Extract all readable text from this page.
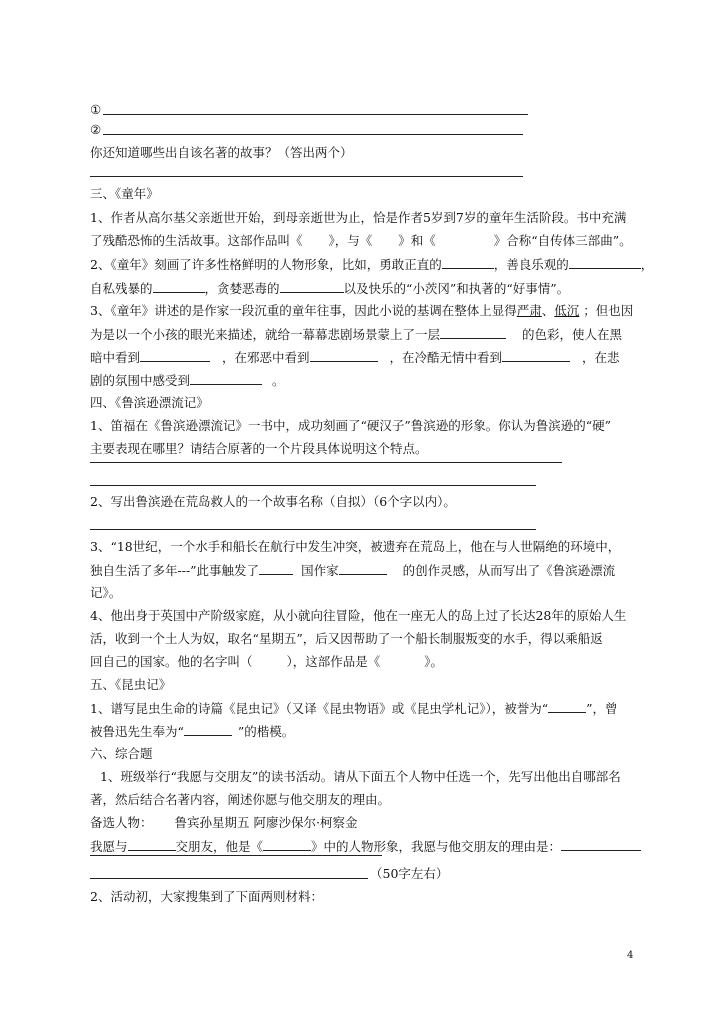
①
②
你还知道哪些出自该名著的故事？（答出两个）
三、《童年》
1、作者从高尔基父亲逝世开始，到母亲逝世为止，恰是作者5岁到7岁的童年生活阶段。书中充满
了残酷恐怖的生活故事。这部作品叫《 》，与《 》和《	》合称“自传体三部曲”。
2、《童年》刻画了许多性格鲜明的人物形象，比如，勇敢正直的	，善良乐观的	，
自私残暴的	，贪婪恶毒的	以及快乐的“小茨冈”和执著的“好事情”。
3、《童年》讲述的是作家一段沉重的童年往事，因此小说的基调在整体上显得严肃、低沉 ；但也因
为是以一个小孩的眼光来描述，就给一幕幕悲剧场景蒙上了一层	的色彩，使人在黑
暗中看到	，在邪恶中看到	，在冷酷无情中看到	，在悲
剧的氛围中感受到	。
四、《鲁滨逊漂流记》
1、笛福在《鲁滨逊漂流记》一书中，成功刻画了“硬汉子”鲁滨逊的形象。你认为鲁滨逊的“硬”
主要表现在哪里？请结合原著的一个片段具体说明这个特点。
2、写出鲁滨逊在荒岛救人的一个故事名称（自拟）（6个字以内）。
3、“18世纪，一个水手和船长在航行中发生冲突，被遗弃在荒岛上，他在与人世隔绝的环境中，
独自生活了多年---”此事触发了	国作家	的创作灵感，从而写出了《鲁滨逊漂流
记》。
4、他出身于英国中产阶级家庭，从小就向往冒险，他在一座无人的岛上过了长达28年的原始人生
活，收到一个土人为奴，取名“星期五”，后又因帮助了一个船长制服叛变的水手，得以乘船返
回自己的国家。他的名字叫（	），这部作品是《	》。
五、《昆虫记》
1、谱写昆虫生命的诗篇《昆虫记》（又译《昆虫物语》或《昆虫学札记》），被誉为“	”，曾
被鲁迅先生奉为“	”的楷模。
六、综合题
1、班级举行“我愿与交朋友”的读书活动。请从下面五个人物中任选一个，先写出他出自哪部名
著，然后结合名著内容，阐述你愿与他交朋友的理由。
备选人物： 鲁宾孙星期五 阿廖沙保尔·柯察金
我愿与	交朋友，他是《	》中的人物形象，我愿与他交朋友的理由是：
（50字左右）
2、活动初，大家搜集到了下面两则材料：
4
